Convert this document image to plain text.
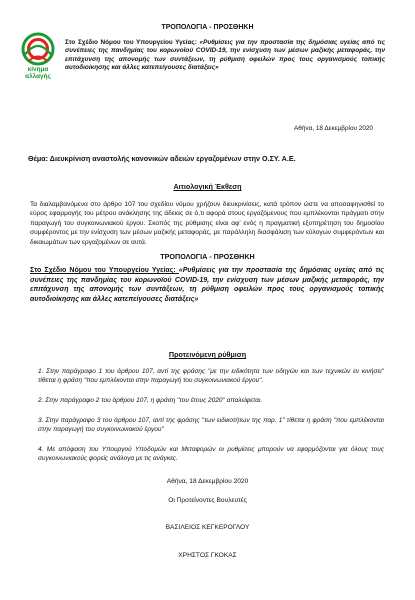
κίνημα αλλαγής
ΤΡΟΠΟΛΟΓΙΑ - ΠΡΟΣΘΗΚΗ
Στο Σχέδιο Νόμου του Υπουργείου Υγείας: «Ρυθμίσεις για την προστασία της δημόσιας υγείας από τις συνέπειες της πανδημίας του κορωνοϊού COVID-19, την ενίσχυση των μέσων μαζικής μεταφοράς, την επιτάχυνση της απονομής των συντάξεων, τη ρύθμιση οφειλών προς τους οργανισμούς τοπικής αυτοδιοίκησης και άλλες κατεπείγουσες διατάξεις»
Αθήνα, 18 Δεκεμβρίου 2020
Θέμα: Διευκρίνιση αναστολής κανονικών αδειών εργαζομένων στην Ο.ΣΥ. Α.Ε.
Αιτιολογική Έκθεση
Τα διαλαμβανόμενα στο άρθρο 107 του σχεδίου νόμου χρήζουν διευκρινίσεις, κατά τρόπον ώστε να αποσαφηνισθεί το εύρος εφαρμογής του μέτρου ανάκλησης της άδειας σε ό,τι αφορά στους εργαζόμενους που εμπλέκονται πράγματι στην παραγωγή του συγκοινωνιακού έργου. Σκοπός της ρύθμισης είναι αφ' ενός η πραγματική εξυπηρέτηση του δημοσίου συμφέροντος με την ενίσχυση των μέσων μαζικής μεταφοράς, με παράλληλη διασφάλιση των εύλογων συμφερόντων και δικαιωμάτων των εργαζομένων σε αυτά.
ΤΡΟΠΟΛΟΓΙΑ - ΠΡΟΣΘΗΚΗ
Στο Σχέδιο Νόμου του Υπουργείου Υγείας: «Ρυθμίσεις για την προστασία της δημόσιας υγείας από τις συνέπειες της πανδημίας του κορωνοϊού COVID-19, την ενίσχυση των μέσων μαζικής μεταφοράς, την επιτάχυνση της απονομής των συντάξεων, τη ρύθμιση οφειλών προς τους οργανισμούς τοπικής αυτοδιοίκησης και άλλες κατεπείγουσες διατάξεις»
Προτεινόμενη ρύθμιση
1. Στην παράγραφο 1 του άρθρου 107, αντί της φράσης "με την ειδικότητα των οδηγών και των τεχνικών εν κινήσει" τίθεται η φράση "που εμπλέκονται στην παραγωγή του συγκοινωνιακού έργου".
2. Στην παράγραφο 2 του άρθρου 107, η φράση "του έτους 2020" απαλείφεται.
3. Στην παράγραφο 3 του άρθρου 107, αντί της φράσης "των ειδικοτήτων της παρ. 1" τίθεται η φράση "που εμπλέκονται στην παραγωγή του συγκοινωνιακού έργου"
4. Με απόφαση του Υπουργού Υποδομών και Μεταφορών οι ρυθμίσεις μπορούν να εφαρμόζονται για όλους τους συγκοινωνιακούς φορείς ανάλογα με τις ανάγκες.
Αθήνα, 18 Δεκεμβρίου 2020
Οι Προτείνοντες Βουλευτές
ΒΑΣΙΛΕΙΟΣ ΚΕΓΚΕΡΟΓΛΟΥ
ΧΡΗΣΤΟΣ ΓΚΟΚΑΣ
